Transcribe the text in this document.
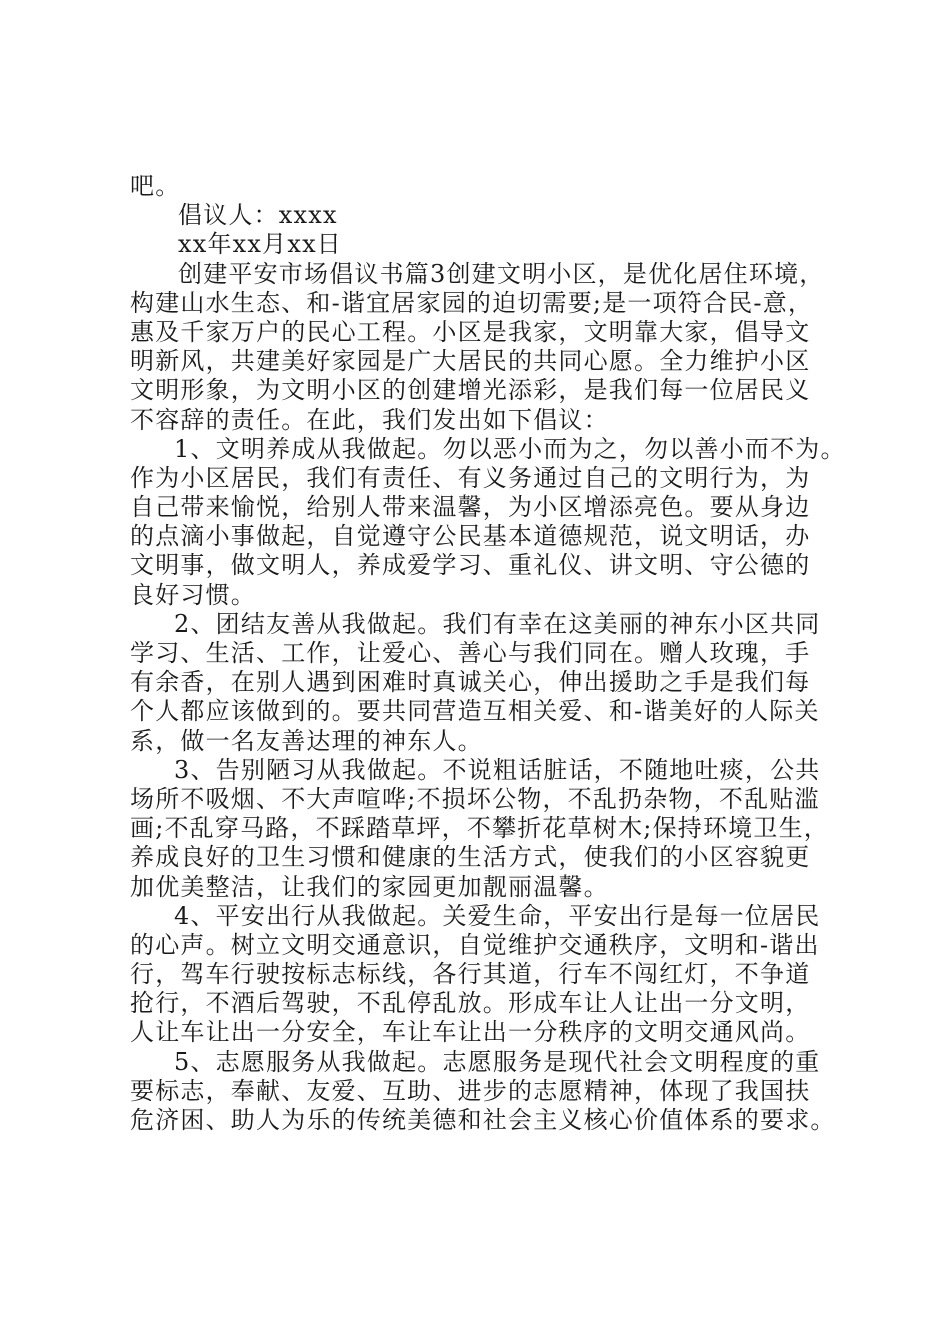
吧。
倡议人：xxxx
xx年xx月xx日
创建平安市场倡议书篇3创建文明小区，是优化居住环境，
构建山水生态、和-谐宜居家园的迫切需要;是一项符合民-意，
惠及千家万户的民心工程。小区是我家，文明靠大家，倡导文
明新风，共建美好家园是广大居民的共同心愿。全力维护小区
文明形象，为文明小区的创建增光添彩，是我们每一位居民义
不容辞的责任。在此，我们发出如下倡议：
1、文明养成从我做起。勿以恶小而为之，勿以善小而不为。
作为小区居民，我们有责任、有义务通过自己的文明行为，为
自己带来愉悦，给别人带来温馨，为小区增添亮色。要从身边
的点滴小事做起，自觉遵守公民基本道德规范，说文明话，办
文明事，做文明人，养成爱学习、重礼仪、讲文明、守公德的
良好习惯。
2、团结友善从我做起。我们有幸在这美丽的神东小区共同
学习、生活、工作，让爱心、善心与我们同在。赠人玫瑰，手
有余香，在别人遇到困难时真诚关心，伸出援助之手是我们每
个人都应该做到的。要共同营造互相关爱、和-谐美好的人际关
系，做一名友善达理的神东人。
3、告别陋习从我做起。不说粗话脏话，不随地吐痰，公共
场所不吸烟、不大声喧哗;不损坏公物，不乱扔杂物，不乱贴滥
画;不乱穿马路，不踩踏草坪，不攀折花草树木;保持环境卫生，
养成良好的卫生习惯和健康的生活方式，使我们的小区容貌更
加优美整洁，让我们的家园更加靓丽温馨。
4、平安出行从我做起。关爱生命，平安出行是每一位居民
的心声。树立文明交通意识，自觉维护交通秩序，文明和-谐出
行，驾车行驶按标志标线，各行其道，行车不闯红灯，不争道
抢行，不酒后驾驶，不乱停乱放。形成车让人让出一分文明，
人让车让出一分安全，车让车让出一分秩序的文明交通风尚。
5、志愿服务从我做起。志愿服务是现代社会文明程度的重
要标志，奉献、友爱、互助、进步的志愿精神，体现了我国扶
危济困、助人为乐的传统美德和社会主义核心价值体系的要求。
